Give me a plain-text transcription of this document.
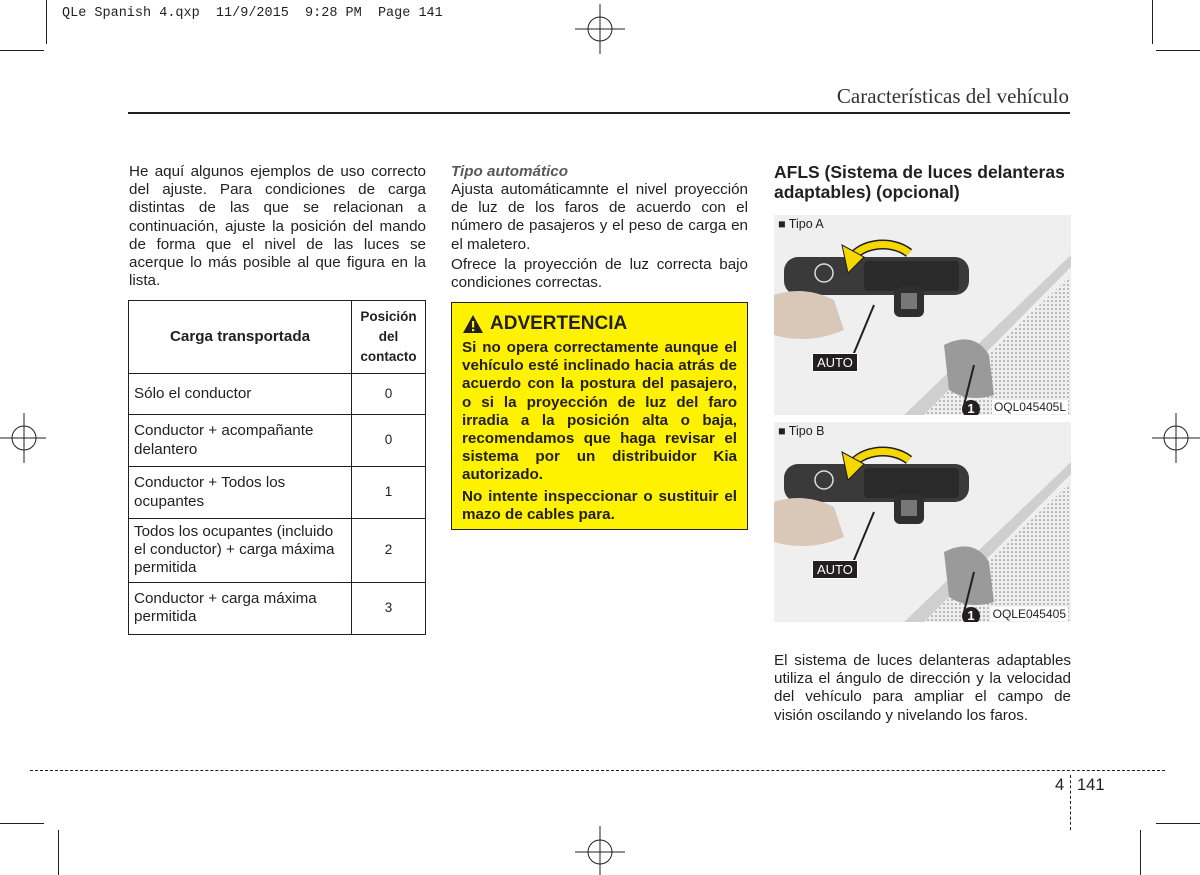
QLe Spanish 4.qxp  11/9/2015  9:28 PM  Page 141
Características del vehículo

He aquí algunos ejemplos de uso correcto del ajuste. Para condiciones de carga distintas de las que se relacionan a continuación, ajuste la posición del mando de forma que el nivel de las luces se acerque lo más posible al que figura en la lista.

Carga transportada	Posición del contacto
Sólo el conductor	0
Conductor + acompañante delantero	0
Conductor + Todos los ocupantes	1
Todos los ocupantes (incluido el conductor) + carga máxima permitida	2
Conductor + carga máxima permitida	3
Tipo automático

Ajusta automáticamnte el nivel proyección de luz de los faros de acuerdo con el número de pasajeros y el peso de carga en el maletero.

Ofrece la proyección de luz correcta bajo condiciones correctas.

ADVERTENCIA

Si no opera correctamente aunque el vehículo esté inclinado hacia atrás de acuerdo con la postura del pasajero, o si la proyección de luz del faro irradia a la posición alta o baja, recomendamos que haga revisar el sistema por un distribuidor Kia autorizado.

No intente inspeccionar o sustituir el mazo de cables para.

AFLS (Sistema de luces delanteras adaptables) (opcional)
■ Tipo A
AUTO
1	OQL045405L
■ Tipo B
AUTO
1	OQLE045405

El sistema de luces delanteras adaptables utiliza el ángulo de dirección y la velocidad del vehículo para ampliar el campo de visión oscilando y nivelando los faros.

4 141
